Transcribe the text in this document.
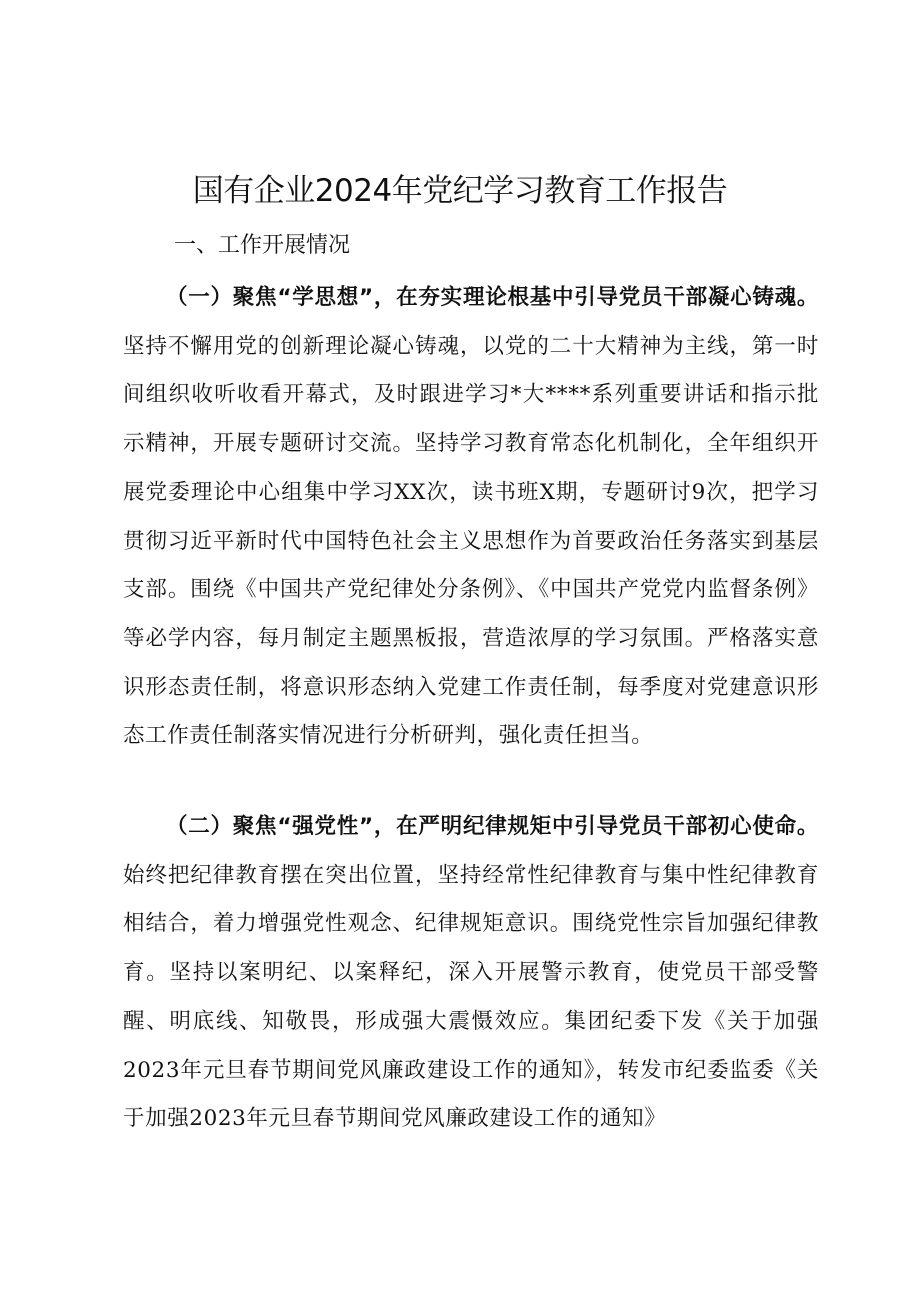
国有企业2024年党纪学习教育工作报告
一、工作开展情况

（一）聚焦“学思想”，在夯实理论根基中引导党员干部凝心铸魂。坚持不懈用党的创新理论凝心铸魂，以党的二十大精神为主线，第一时间组织收听收看开幕式，及时跟进学习*大****系列重要讲话和指示批示精神，开展专题研讨交流。坚持学习教育常态化机制化，全年组织开展党委理论中心组集中学习XX次，读书班X期，专题研讨9次，把学习贯彻习近平新时代中国特色社会主义思想作为首要政治任务落实到基层支部。围绕《中国共产党纪律处分条例》、《中国共产党党内监督条例》等必学内容，每月制定主题黑板报，营造浓厚的学习氛围。严格落实意识形态责任制，将意识形态纳入党建工作责任制，每季度对党建意识形态工作责任制落实情况进行分析研判，强化责任担当。

（二）聚焦“强党性”，在严明纪律规矩中引导党员干部初心使命。始终把纪律教育摆在突出位置，坚持经常性纪律教育与集中性纪律教育相结合，着力增强党性观念、纪律规矩意识。围绕党性宗旨加强纪律教育。坚持以案明纪、以案释纪，深入开展警示教育，使党员干部受警醒、明底线、知敬畏，形成强大震慑效应。集团纪委下发《关于加强2023年元旦春节期间党风廉政建设工作的通知》，转发市纪委监委《关于加强2023年元旦春节期间党风廉政建设工作的通知》
